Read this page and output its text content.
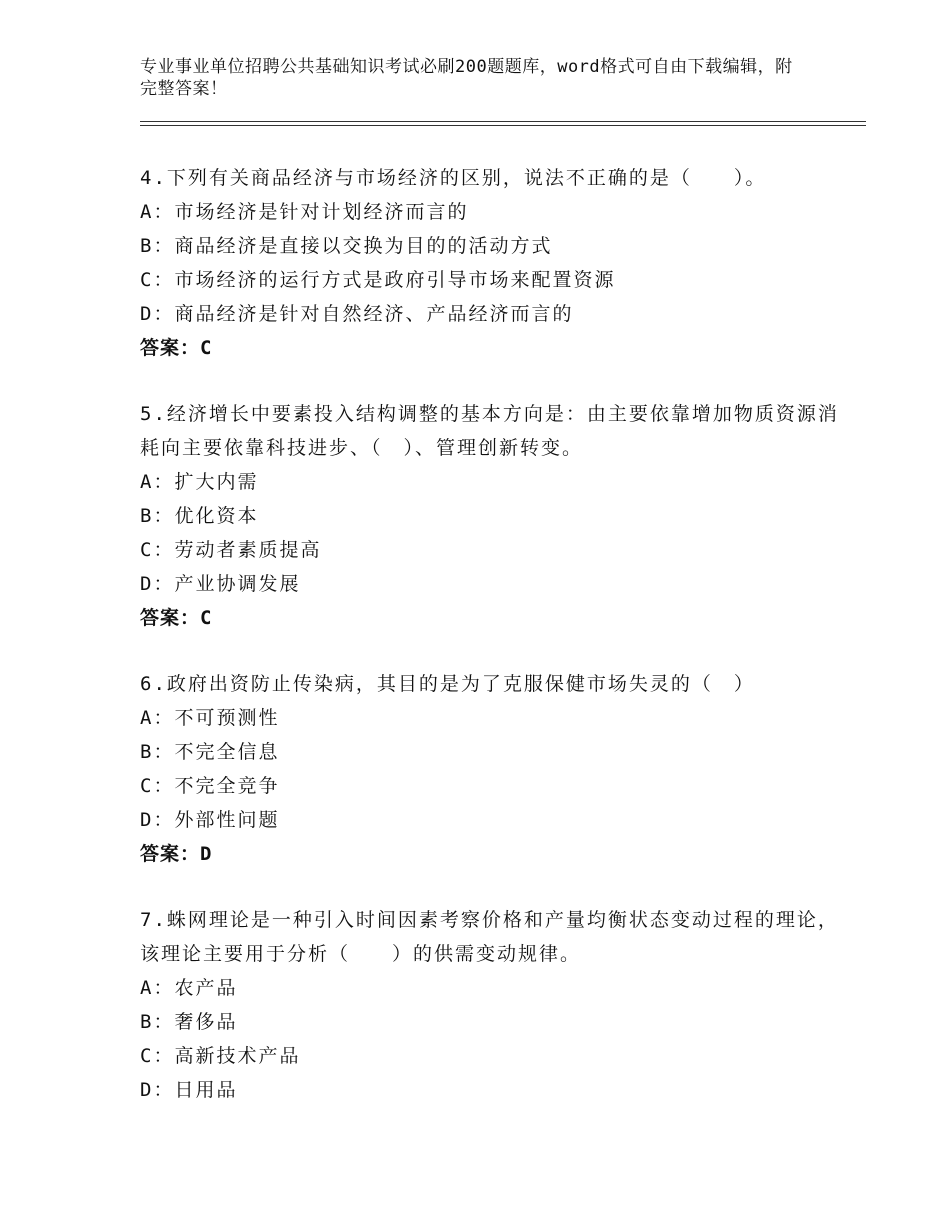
专业事业单位招聘公共基础知识考试必刷200题题库，word格式可自由下载编辑，附完整答案！
4.下列有关商品经济与市场经济的区别，说法不正确的是（　　）。
A：市场经济是针对计划经济而言的
B：商品经济是直接以交换为目的的活动方式
C：市场经济的运行方式是政府引导市场来配置资源
D：商品经济是针对自然经济、产品经济而言的
答案：C
5.经济增长中要素投入结构调整的基本方向是：由主要依靠增加物质资源消耗向主要依靠科技进步、（　）、管理创新转变。
A：扩大内需
B：优化资本
C：劳动者素质提高
D：产业协调发展
答案：C
6.政府出资防止传染病，其目的是为了克服保健市场失灵的（　）
A：不可预测性
B：不完全信息
C：不完全竞争
D：外部性问题
答案：D
7.蛛网理论是一种引入时间因素考察价格和产量均衡状态变动过程的理论，该理论主要用于分析（　　）的供需变动规律。
A：农产品
B：奢侈品
C：高新技术产品
D：日用品
